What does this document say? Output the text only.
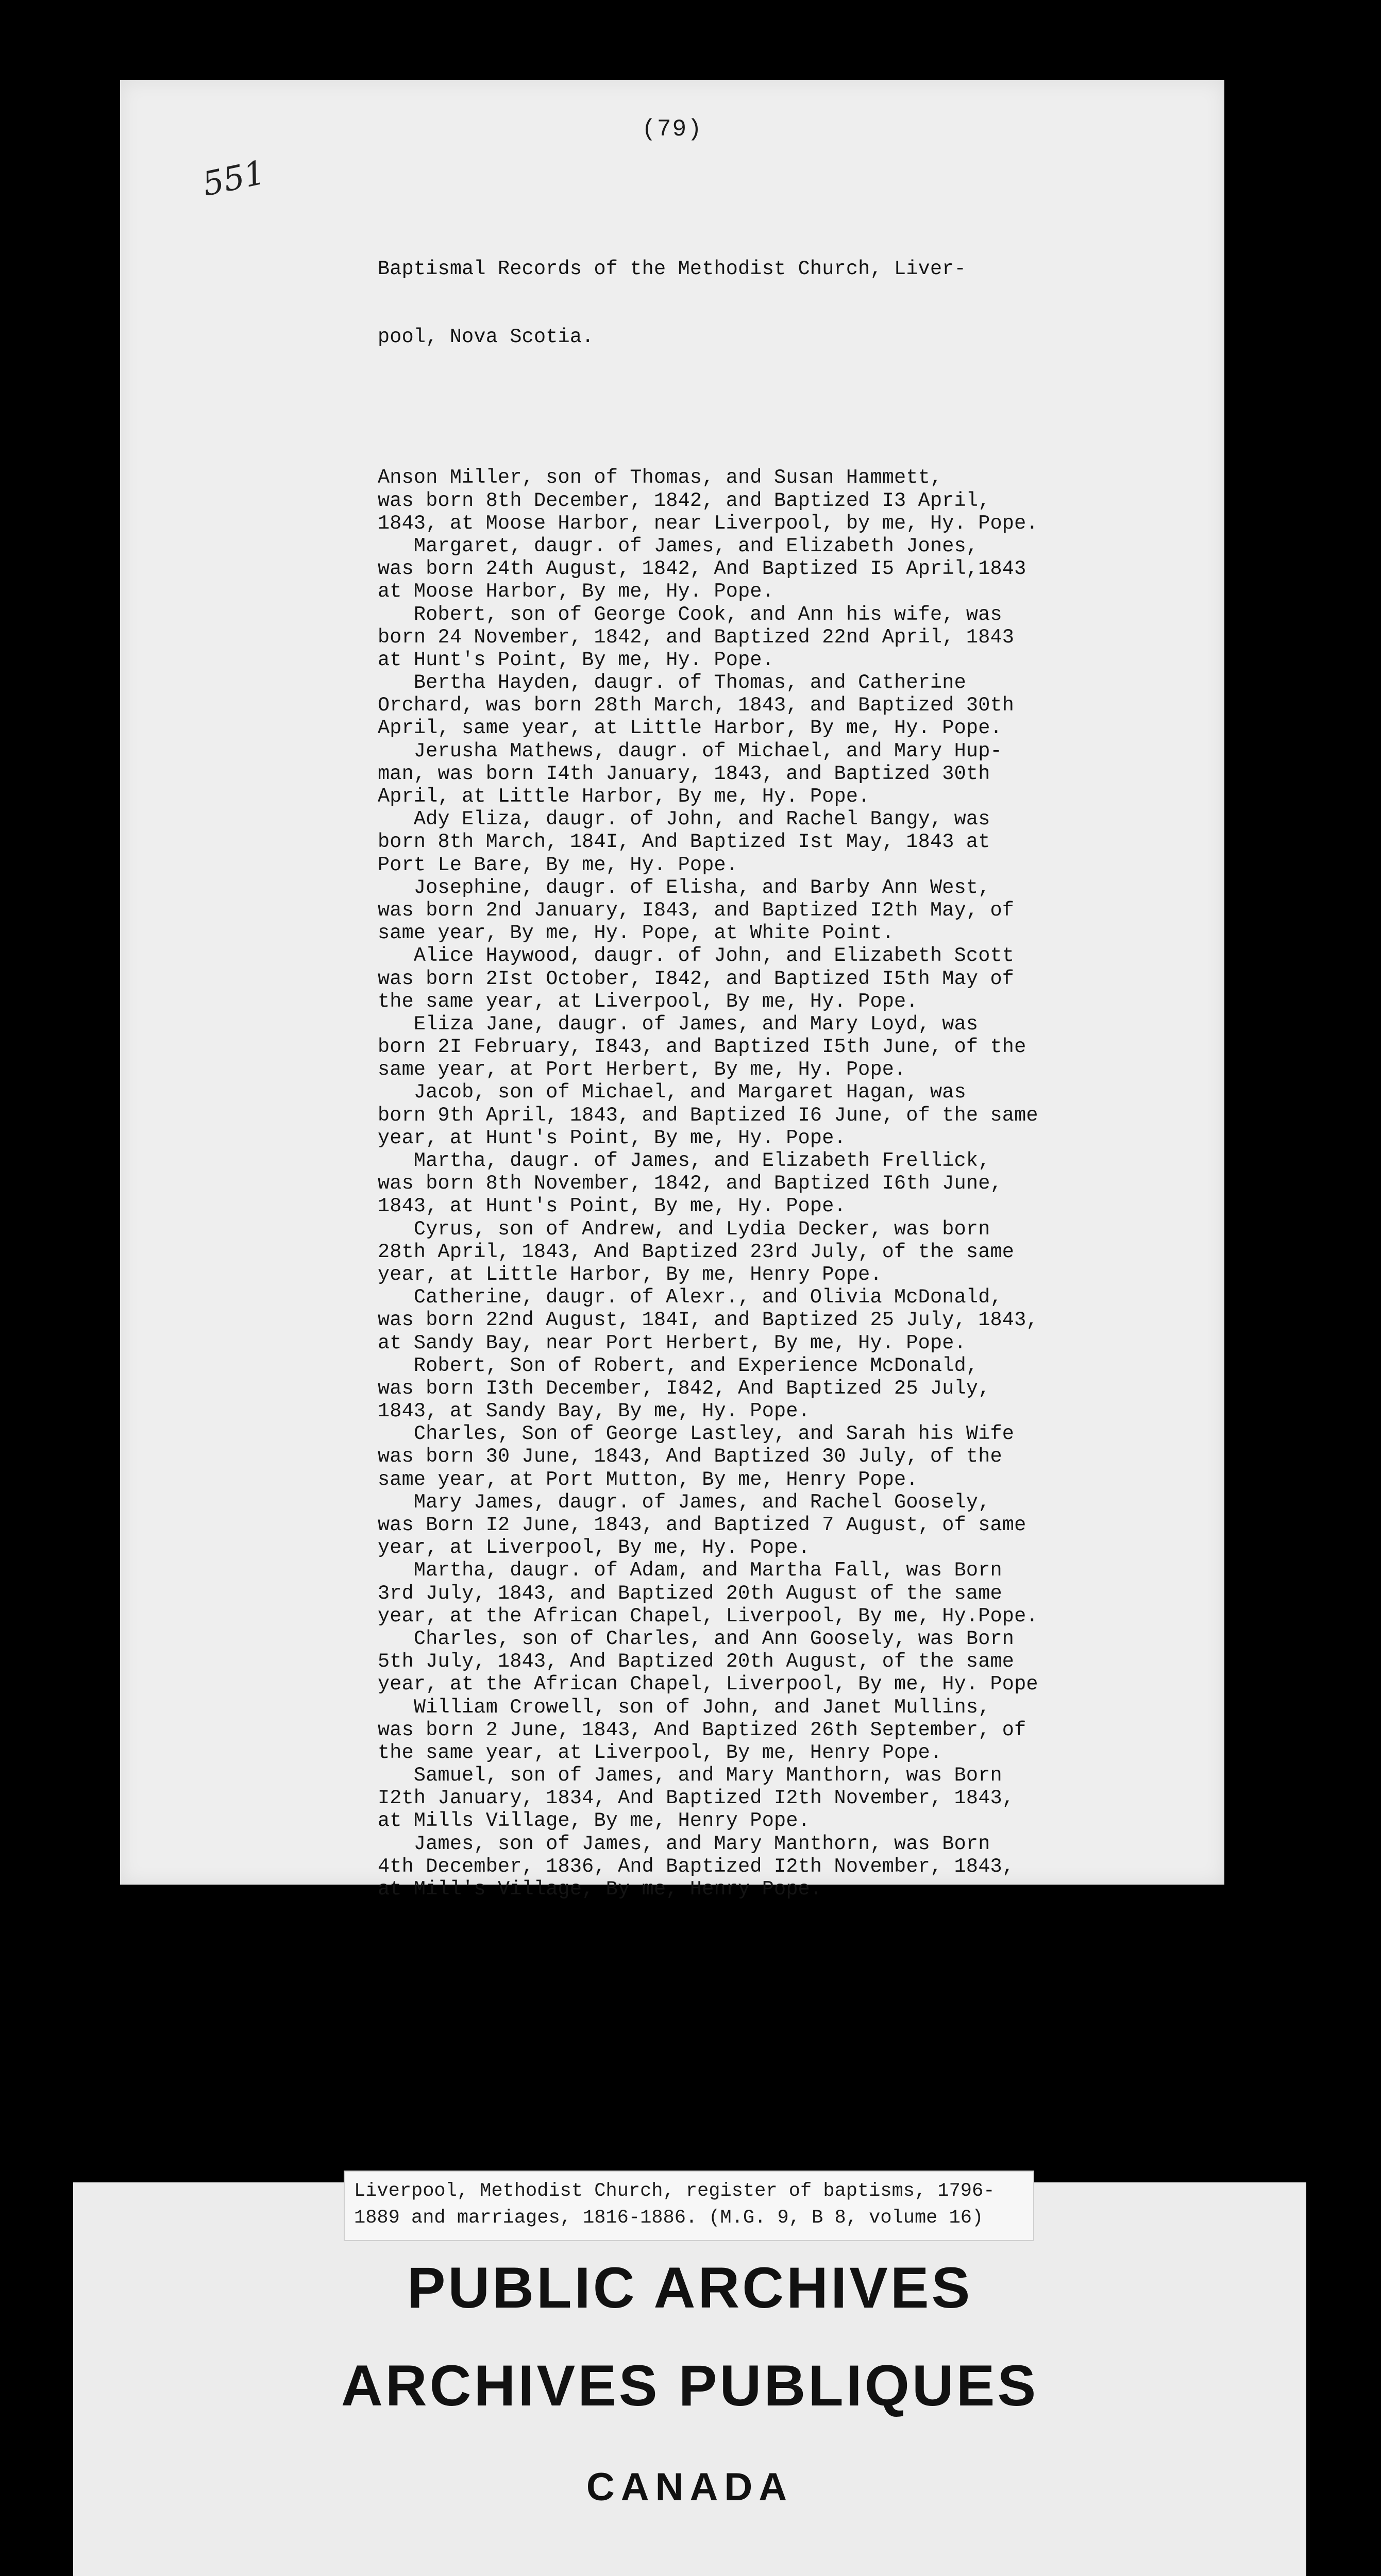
(79)
551

Baptismal Records of the Methodist Church, Liver-

pool, Nova Scotia.

Anson Miller, son of Thomas, and Susan Hammett,
was born 8th December, 1842, and Baptized I3 April,
1843, at Moose Harbor, near Liverpool, by me, Hy. Pope.
Margaret, daugr. of James, and Elizabeth Jones,
was born 24th August, 1842, And Baptized I5 April,1843
at Moose Harbor, By me, Hy. Pope.
Robert, son of George Cook, and Ann his wife, was
born 24 November, 1842, and Baptized 22nd April, 1843
at Hunt's Point, By me, Hy. Pope.
Bertha Hayden, daugr. of Thomas, and Catherine
Orchard, was born 28th March, 1843, and Baptized 30th
April, same year, at Little Harbor, By me, Hy. Pope.
Jerusha Mathews, daugr. of Michael, and Mary Hup-
man, was born I4th January, 1843, and Baptized 30th
April, at Little Harbor, By me, Hy. Pope.
Ady Eliza, daugr. of John, and Rachel Bangy, was
born 8th March, 184I, And Baptized Ist May, 1843 at
Port Le Bare, By me, Hy. Pope.
Josephine, daugr. of Elisha, and Barby Ann West,
was born 2nd January, I843, and Baptized I2th May, of
same year, By me, Hy. Pope, at White Point.
Alice Haywood, daugr. of John, and Elizabeth Scott
was born 2Ist October, I842, and Baptized I5th May of
the same year, at Liverpool, By me, Hy. Pope.
Eliza Jane, daugr. of James, and Mary Loyd, was
born 2I February, I843, and Baptized I5th June, of the
same year, at Port Herbert, By me, Hy. Pope.
Jacob, son of Michael, and Margaret Hagan, was
born 9th April, 1843, and Baptized I6 June, of the same
year, at Hunt's Point, By me, Hy. Pope.
Martha, daugr. of James, and Elizabeth Frellick,
was born 8th November, 1842, and Baptized I6th June,
1843, at Hunt's Point, By me, Hy. Pope.
Cyrus, son of Andrew, and Lydia Decker, was born
28th April, 1843, And Baptized 23rd July, of the same
year, at Little Harbor, By me, Henry Pope.
Catherine, daugr. of Alexr., and Olivia McDonald,
was born 22nd August, 184I, and Baptized 25 July, 1843,
at Sandy Bay, near Port Herbert, By me, Hy. Pope.
Robert, Son of Robert, and Experience McDonald,
was born I3th December, I842, And Baptized 25 July,
1843, at Sandy Bay, By me, Hy. Pope.
Charles, Son of George Lastley, and Sarah his Wife
was born 30 June, 1843, And Baptized 30 July, of the
same year, at Port Mutton, By me, Henry Pope.
Mary James, daugr. of James, and Rachel Goosely,
was Born I2 June, 1843, and Baptized 7 August, of same
year, at Liverpool, By me, Hy. Pope.
Martha, daugr. of Adam, and Martha Fall, was Born
3rd July, 1843, and Baptized 20th August of the same
year, at the African Chapel, Liverpool, By me, Hy.Pope.
Charles, son of Charles, and Ann Goosely, was Born
5th July, 1843, And Baptized 20th August, of the same
year, at the African Chapel, Liverpool, By me, Hy. Pope
William Crowell, son of John, and Janet Mullins,
was born 2 June, 1843, And Baptized 26th September, of
the same year, at Liverpool, By me, Henry Pope.
Samuel, son of James, and Mary Manthorn, was Born
I2th January, 1834, And Baptized I2th November, 1843,
at Mills Village, By me, Henry Pope.
James, son of James, and Mary Manthorn, was Born
4th December, 1836, And Baptized I2th November, 1843,
at Mill's Village, By me, Henry Pope.

Liverpool, Methodist Church, register of baptisms, 1796-
1889 and marriages, 1816-1886. (M.G. 9, B 8, volume 16)
PUBLIC ARCHIVES
ARCHIVES PUBLIQUES
CANADA
